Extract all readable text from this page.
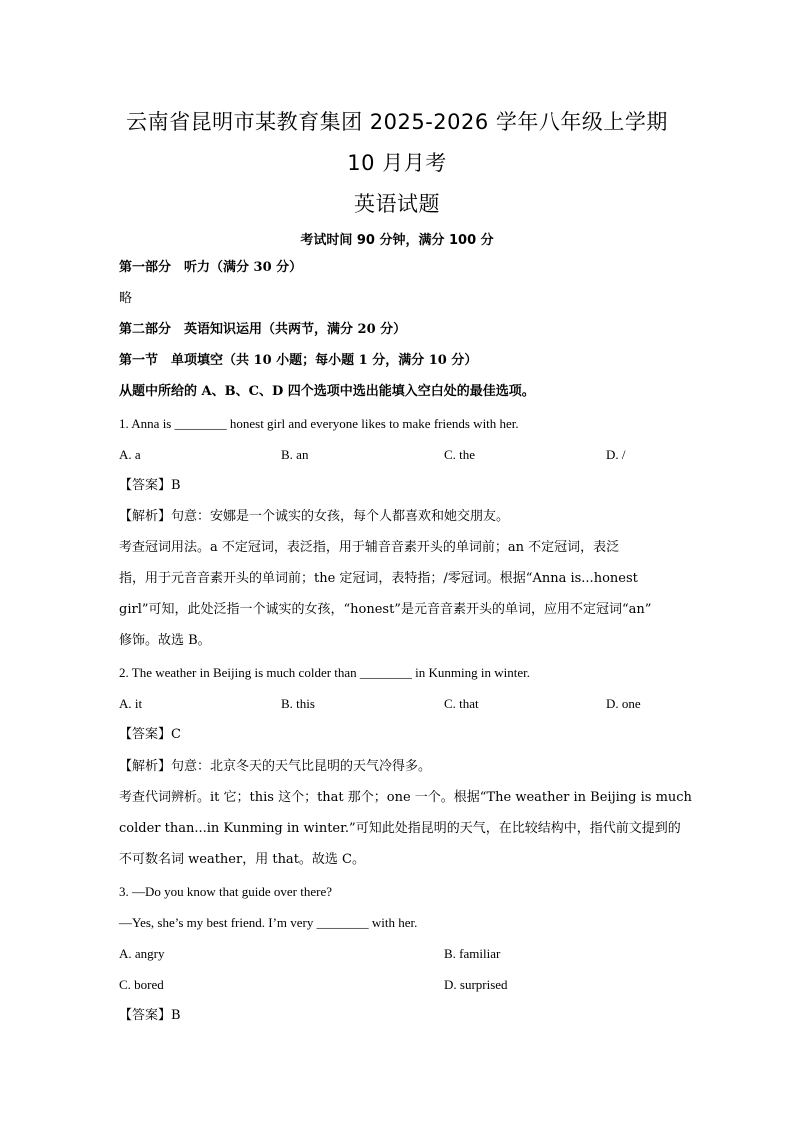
云南省昆明市某教育集团 2025-2026 学年八年级上学期
10 月月考
英语试题
考试时间 90 分钟，满分 100 分
第一部分　听力（满分 30 分）
略
第二部分　英语知识运用（共两节，满分 20 分）
第一节　单项填空（共 10 小题；每小题 1 分，满分 10 分）
从题中所给的 A、B、C、D 四个选项中选出能填入空白处的最佳选项。
1. Anna is ________ honest girl and everyone likes to make friends with her.
A. a	B. an	C. the	D. /
【答案】B
【解析】句意：安娜是一个诚实的女孩，每个人都喜欢和她交朋友。
考查冠词用法。a 不定冠词，表泛指，用于辅音音素开头的单词前；an 不定冠词，表泛
指，用于元音音素开头的单词前；the 定冠词，表特指；/零冠词。根据“Anna is...honest
girl”可知，此处泛指一个诚实的女孩，“honest”是元音音素开头的单词，应用不定冠词“an”
修饰。故选 B。
2. The weather in Beijing is much colder than ________ in Kunming in winter.
A. it	B. this	C. that	D. one
【答案】C
【解析】句意：北京冬天的天气比昆明的天气冷得多。
考查代词辨析。it 它；this 这个；that 那个；one 一个。根据“The weather in Beijing is much
colder than...in Kunming in winter.”可知此处指昆明的天气，在比较结构中，指代前文提到的
不可数名词 weather，用 that。故选 C。
3. —Do you know that guide over there?
—Yes, she’s my best friend. I’m very ________ with her.
A. angry	B. familiar
C. bored	D. surprised
【答案】B
